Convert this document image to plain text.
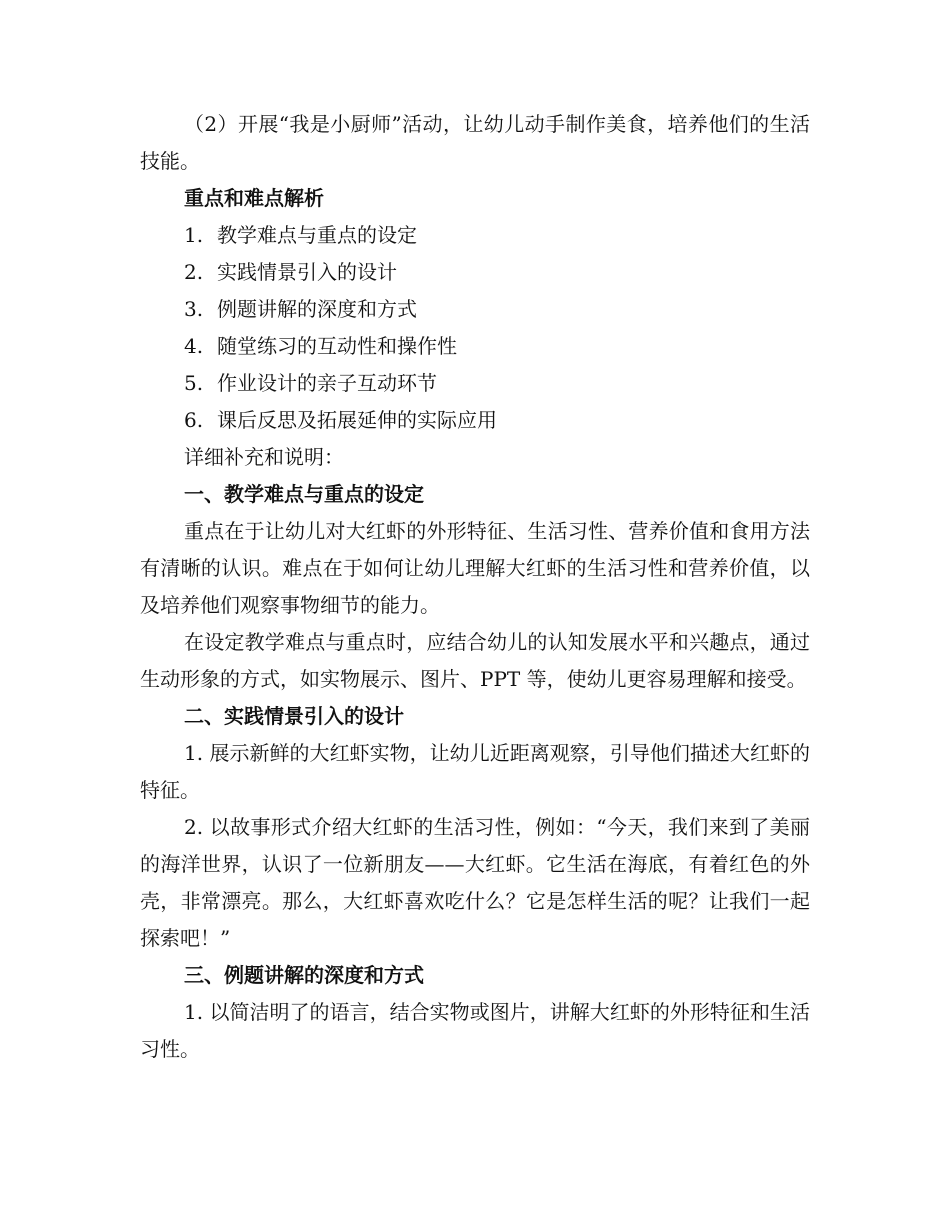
（2）开展“我是小厨师”活动，让幼儿动手制作美食，培养他们的生活技能。

重点和难点解析

1. 教学难点与重点的设定

2. 实践情景引入的设计

3. 例题讲解的深度和方式

4. 随堂练习的互动性和操作性

5. 作业设计的亲子互动环节

6. 课后反思及拓展延伸的实际应用

详细补充和说明：

一、教学难点与重点的设定

重点在于让幼儿对大红虾的外形特征、生活习性、营养价值和食用方法有清晰的认识。难点在于如何让幼儿理解大红虾的生活习性和营养价值，以及培养他们观察事物细节的能力。

在设定教学难点与重点时，应结合幼儿的认知发展水平和兴趣点，通过生动形象的方式，如实物展示、图片、PPT 等，使幼儿更容易理解和接受。

二、实践情景引入的设计

1. 展示新鲜的大红虾实物，让幼儿近距离观察，引导他们描述大红虾的特征。

2. 以故事形式介绍大红虾的生活习性，例如：“今天，我们来到了美丽的海洋世界，认识了一位新朋友——大红虾。它生活在海底，有着红色的外壳，非常漂亮。那么，大红虾喜欢吃什么？它是怎样生活的呢？让我们一起探索吧！”

三、例题讲解的深度和方式

1. 以简洁明了的语言，结合实物或图片，讲解大红虾的外形特征和生活习性。
